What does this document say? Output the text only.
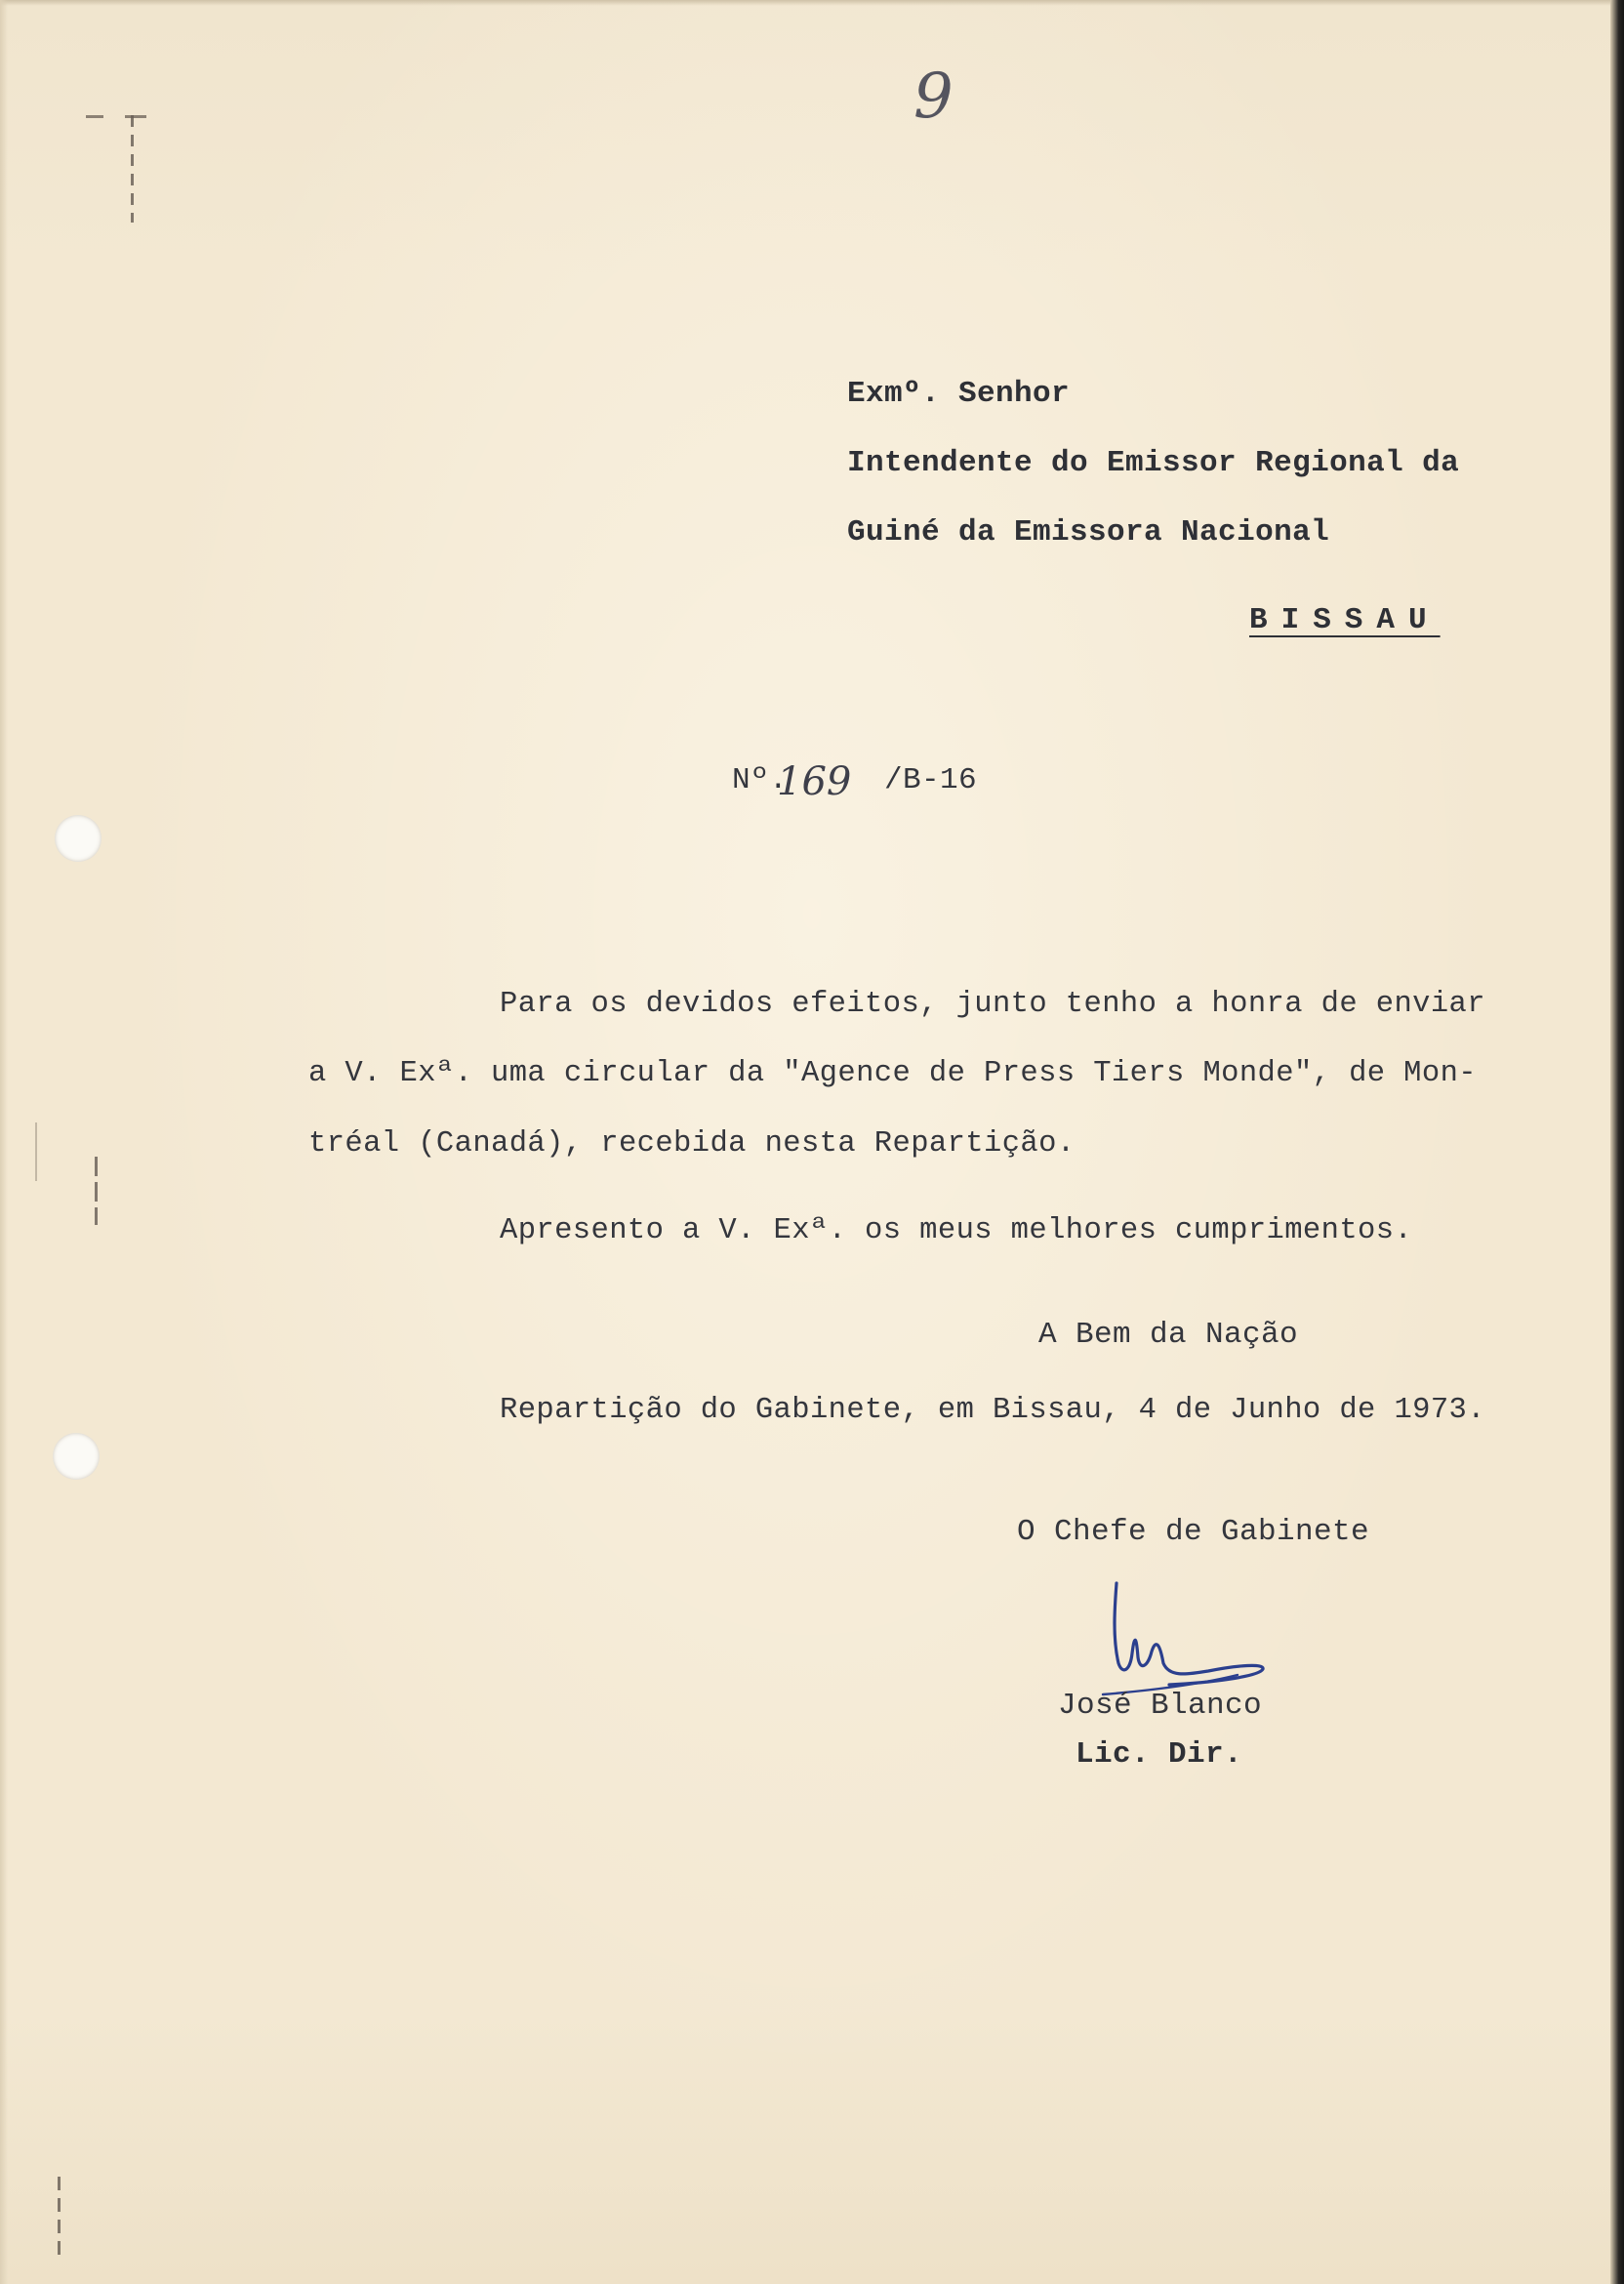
9
Exmº. Senhor
Intendente do Emissor Regional da
Guiné da Emissora Nacional
BISSAU
Nº.
169 /B-16
Para os devidos efeitos, junto tenho a honra de enviar
a V. Exª. uma circular da "Agence de Press Tiers Monde", de Mon-
tréal (Canadá), recebida nesta Repartição.
Apresento a V. Exª. os meus melhores cumprimentos.
A Bem da Nação
Repartição do Gabinete, em Bissau, 4 de Junho de 1973.
O Chefe de Gabinete
José Blanco
Lic. Dir.
